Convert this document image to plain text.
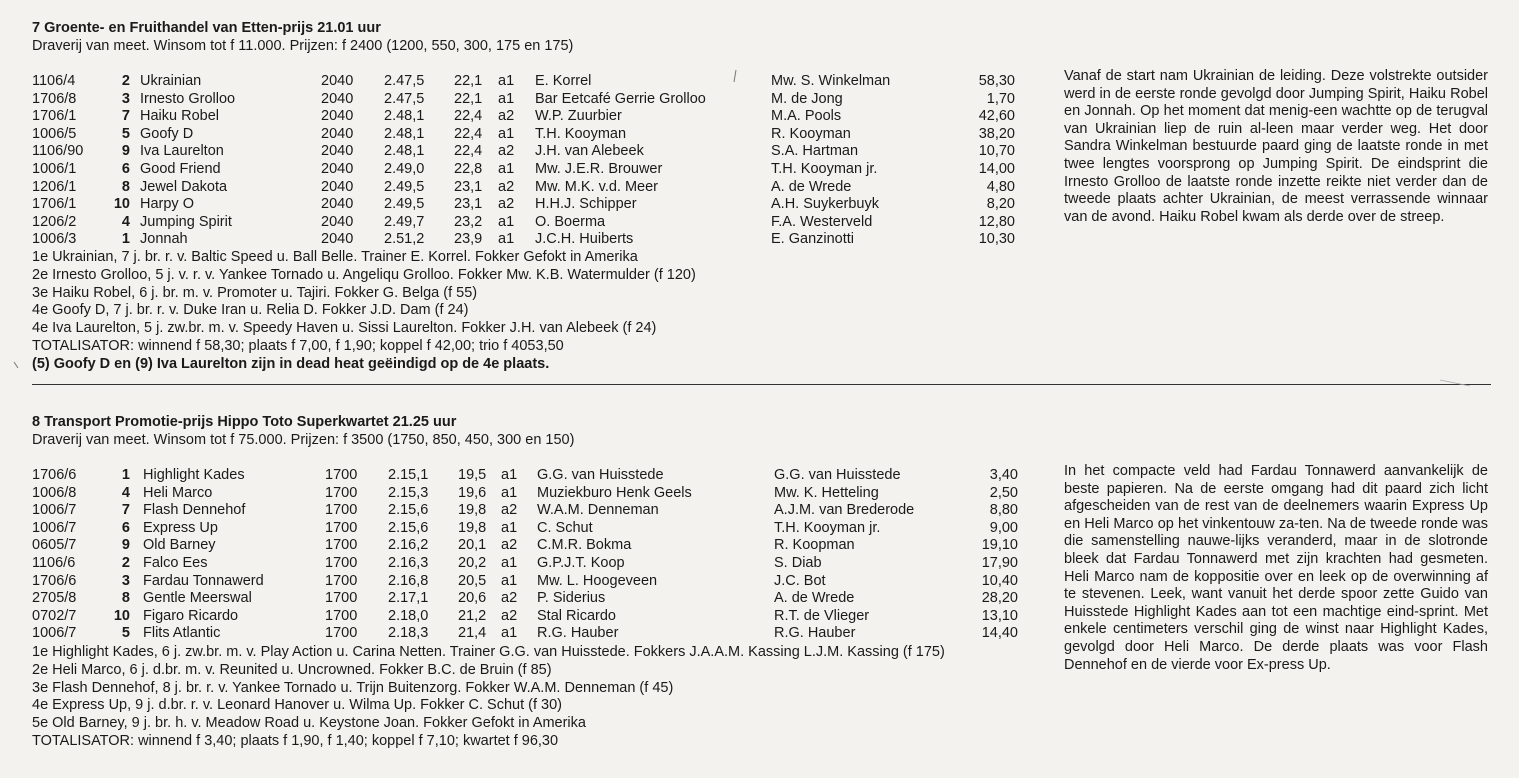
7 Groente- en Fruithandel van Etten-prijs 21.01 uur
Draverij van meet. Winsom tot f 11.000. Prijzen: f 2400 (1200, 550, 300, 175 en 175)
1106/4	2 Ukrainian	2040 2.47,5 22,1 a1 E. Korrel	Mw. S. Winkelman	58,30
1706/8	3 Irnesto Grolloo	2040 2.47,5 22,1 a1 Bar Eetcafé Gerrie Grolloo	M. de Jong	1,70
1706/1	7 Haiku Robel	2040 2.48,1 22,4 a2 W.P. Zuurbier	M.A. Pools	42,60
1006/5	5 Goofy D	2040 2.48,1 22,4 a1 T.H. Kooyman	R. Kooyman	38,20
1106/90	9 Iva Laurelton	2040 2.48,1 22,4 a2 J.H. van Alebeek	S.A. Hartman	10,70
1006/1	6 Good Friend	2040 2.49,0 22,8 a1 Mw. J.E.R. Brouwer	T.H. Kooyman jr.	14,00
1206/1	8 Jewel Dakota	2040 2.49,5 23,1 a2 Mw. M.K. v.d. Meer	A. de Wrede	4,80
1706/1	10 Harpy O	2040 2.49,5 23,1 a2 H.H.J. Schipper	A.H. Suykerbuyk	8,20
1206/2	4 Jumping Spirit	2040 2.49,7 23,2 a1 O. Boerma	F.A. Westerveld	12,80
1006/3	1 Jonnah	2040 2.51,2 23,9 a1 J.C.H. Huiberts	E. Ganzinotti	10,30
1e Ukrainian, 7 j. br. r. v. Baltic Speed u. Ball Belle. Trainer E. Korrel. Fokker Gefokt in Amerika
2e Irnesto Grolloo, 5 j. v. r. v. Yankee Tornado u. Angeliqu Grolloo. Fokker Mw. K.B. Watermulder (f 120)
3e Haiku Robel, 6 j. br. m. v. Promoter u. Tajiri. Fokker G. Belga (f 55)
4e Goofy D, 7 j. br. r. v. Duke Iran u. Relia D. Fokker J.D. Dam (f 24)
4e Iva Laurelton, 5 j. zw.br. m. v. Speedy Haven u. Sissi Laurelton. Fokker J.H. van Alebeek (f 24)
TOTALISATOR: winnend f 58,30; plaats f 7,00, f 1,90; koppel f 42,00; trio f 4053,50
(5) Goofy D en (9) Iva Laurelton zijn in dead heat geëindigd op de 4e plaats.
Vanaf de start nam Ukrainian de leiding. Deze volstrekte outsider werd in de eerste ronde gevolgd door Jumping Spirit, Haiku Robel en Jonnah. Op het moment dat menig-een wachtte op de terugval van Ukrainian liep de ruin al-leen maar verder weg. Het door Sandra Winkelman bestuurde paard ging de laatste ronde in met twee lengtes voorsprong op Jumping Spirit. De eindsprint die Irnesto Grolloo de laatste ronde inzette reikte niet verder dan de tweede plaats achter Ukrainian, de meest verrassende winnaar van de avond. Haiku Robel kwam als derde over de streep.
8 Transport Promotie-prijs Hippo Toto Superkwartet 21.25 uur
Draverij van meet. Winsom tot f 75.000. Prijzen: f 3500 (1750, 850, 450, 300 en 150)
1706/6	1 Highlight Kades	1700 2.15,1 19,5 a1 G.G. van Huisstede	G.G. van Huisstede	3,40
1006/8	4 Heli Marco	1700 2.15,3 19,6 a1 Muziekburo Henk Geels	Mw. K. Hetteling	2,50
1006/7	7 Flash Dennehof	1700 2.15,6 19,8 a2 W.A.M. Denneman	A.J.M. van Brederode	8,80
1006/7	6 Express Up	1700 2.15,6 19,8 a1 C. Schut	T.H. Kooyman jr.	9,00
0605/7	9 Old Barney	1700 2.16,2 20,1 a2 C.M.R. Bokma	R. Koopman	19,10
1106/6	2 Falco Ees	1700 2.16,3 20,2 a1 G.P.J.T. Koop	S. Diab	17,90
1706/6	3 Fardau Tonnawerd	1700 2.16,8 20,5 a1 Mw. L. Hoogeveen	J.C. Bot	10,40
2705/8	8 Gentle Meerswal	1700 2.17,1 20,6 a2 P. Siderius	A. de Wrede	28,20
0702/7	10 Figaro Ricardo	1700 2.18,0 21,2 a2 Stal Ricardo	R.T. de Vlieger	13,10
1006/7	5 Flits Atlantic	1700 2.18,3 21,4 a1 R.G. Hauber	R.G. Hauber	14,40
1e Highlight Kades, 6 j. zw.br. m. v. Play Action u. Carina Netten. Trainer G.G. van Huisstede. Fokkers J.A.A.M. Kassing L.J.M. Kassing (f 175)
2e Heli Marco, 6 j. d.br. m. v. Reunited u. Uncrowned. Fokker B.C. de Bruin (f 85)
3e Flash Dennehof, 8 j. br. r. v. Yankee Tornado u. Trijn Buitenzorg. Fokker W.A.M. Denneman (f 45)
4e Express Up, 9 j. d.br. r. v. Leonard Hanover u. Wilma Up. Fokker C. Schut (f 30)
5e Old Barney, 9 j. br. h. v. Meadow Road u. Keystone Joan. Fokker Gefokt in Amerika
TOTALISATOR: winnend f 3,40; plaats f 1,90, f 1,40; koppel f 7,10; kwartet f 96,30
In het compacte veld had Fardau Tonnawerd aanvankelijk de beste papieren. Na de eerste omgang had dit paard zich licht afgescheiden van de rest van de deelnemers waarin Express Up en Heli Marco op het vinkentouw za-ten. Na de tweede ronde was die samenstelling nauwe-lijks veranderd, maar in de slotronde bleek dat Fardau Tonnawerd met zijn krachten had gesmeten. Heli Marco nam de koppositie over en leek op de overwinning af te stevenen. Leek, want vanuit het derde spoor zette Guido van Huisstede Highlight Kades aan tot een machtige eind-sprint. Met enkele centimeters verschil ging de winst naar Highlight Kades, gevolgd door Heli Marco. De derde plaats was voor Flash Dennehof en de vierde voor Ex-press Up.
